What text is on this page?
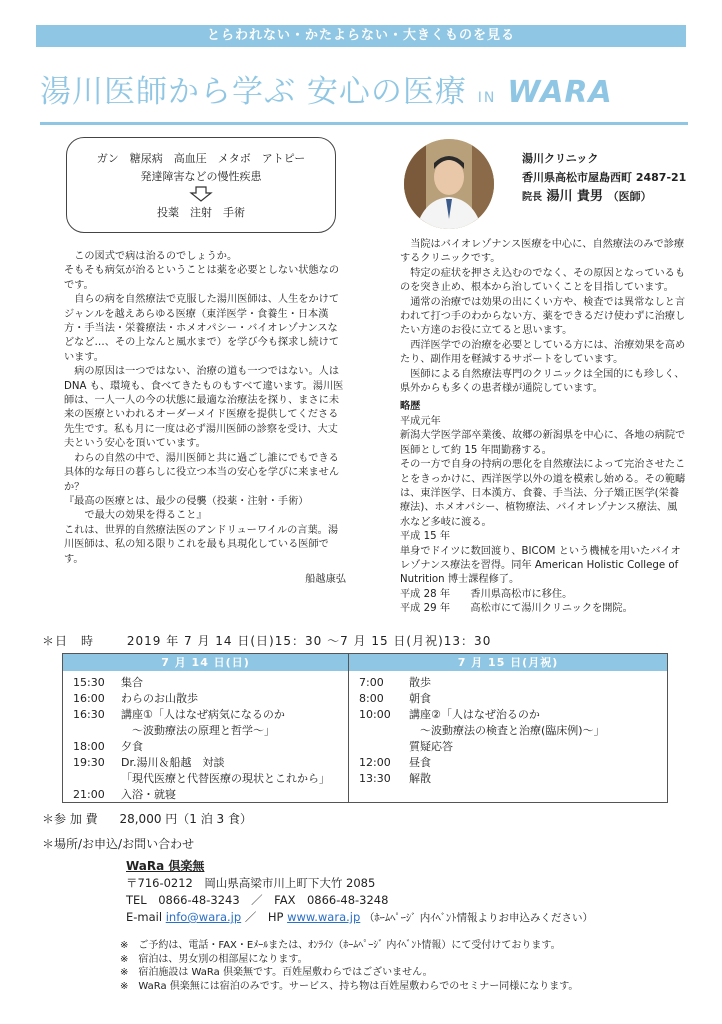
とらわれない・かたよらない・大きくものを見る
湯川医師から学ぶ 安心の医療 IN WARA
ガン　糖尿病　高血圧　メタボ　アトピー
発達障害などの慢性疾患
投薬　注射　手術
湯川クリニック
香川県高松市屋島西町 2487-21
院長 湯川 貴男 （医師）

この図式で病は治るのでしょうか。

そもそも病気が治るということは薬を必要としない状態なのです。

自らの病を自然療法で克服した湯川医師は、人生をかけてジャンルを越えあらゆる医療（東洋医学・食養生・日本漢方・手当法・栄養療法・ホメオパシー・バイオレゾナンスなどなど…、その上なんと風水まで）を学び今も探求し続けています。

病の原因は一つではない、治療の道も一つではない。人は DNA も、環境も、食べてきたものもすべて違います。湯川医師は、一人一人の今の状態に最適な治療法を探り、まさに未来の医療といわれるオーダーメイド医療を提供してくださる先生です。私も月に一度は必ず湯川医師の診察を受け、大丈夫という安心を頂いています。

わらの自然の中で、湯川医師と共に過ごし誰にでもできる具体的な毎日の暮らしに役立つ本当の安心を学びに来ませんか？

『最高の医療とは、最少の侵襲（投薬・注射・手術）

で最大の効果を得ること』

これは、世界的自然療法医のアンドリューワイルの言葉。湯川医師は、私の知る限りこれを最も具現化している医師です。

船越康弘

当院はバイオレゾナンス医療を中心に、自然療法のみで診療するクリニックです。

特定の症状を押さえ込むのでなく、その原因となっているものを突き止め、根本から治していくことを目指しています。

通常の治療では効果の出にくい方や、検査では異常なしと言われて打つ手のわからない方、薬をできるだけ使わずに治療したい方達のお役に立てると思います。

西洋医学での治療を必要としている方には、治療効果を高めたり、副作用を軽減するサポートをしています。

医師による自然療法専門のクリニックは全国的にも珍しく、県外からも多くの患者様が通院しています。

略歴

平成元年

新潟大学医学部卒業後、故郷の新潟県を中心に、各地の病院で医師として約 15 年間勤務する。

その一方で自身の持病の悪化を自然療法によって完治させたことをきっかけに、西洋医学以外の道を模索し始める。その範疇は、東洋医学、日本漢方、食養、手当法、分子矯正医学(栄養療法)、ホメオパシー、植物療法、バイオレゾナンス療法、風水など多岐に渡る。

平成 15 年

単身でドイツに数回渡り、BICOM という機械を用いたバイオレゾナンス療法を習得。同年 American Holistic College of Nutrition 博士課程修了。

平成 28 年　　香川県高松市に移住。

平成 29 年　　高松市にて湯川クリニックを開院。

＊日　時	2019 年 7 月 14 日(日)15：30 〜7 月 15 日(月祝)13：30
7 月 14 日(日)	7 月 15 日(月祝)
15:30 集合
16:00 わらのお山散歩
16:30 講座①「人はなぜ病気になるのか
　～波動療法の原理と哲学～」
18:00 夕食
19:30 Dr.湯川＆船越　対談
「現代医療と代替医療の現状とこれから」
21:00 入浴・就寝
7:00 散歩
8:00 朝食
10:00 講座②「人はなぜ治るのか
　～波動療法の検査と治療(臨床例)～」
質疑応答
12:00 昼食
13:30 解散
＊参 加 費 28,000 円（1 泊 3 食）
＊場所/お申込/お問い合わせ
WaRa 倶楽無
〒716-0212　岡山県高梁市川上町下大竹 2085
TEL　0866-48-3243　／　FAX　0866-48-3248
E-mail info@wara.jp ／　HP www.wara.jp （ﾎｰﾑﾍﾟｰｼﾞ 内ｲﾍﾞﾝﾄ情報よりお申込みください）
※　ご予約は、電話・FAX・Eﾒｰﾙまたは、ｵﾝﾗｲﾝ（ﾎｰﾑﾍﾟｰｼﾞ 内ｲﾍﾞﾝﾄ情報）にて受付けております。
※　宿泊は、男女別の相部屋になります。
※　宿泊施設は WaRa 倶楽無です。百姓屋敷わらではございません。
※　WaRa 倶楽無には宿泊のみです。サービス、持ち物は百姓屋敷わらでのセミナー同様になります。
